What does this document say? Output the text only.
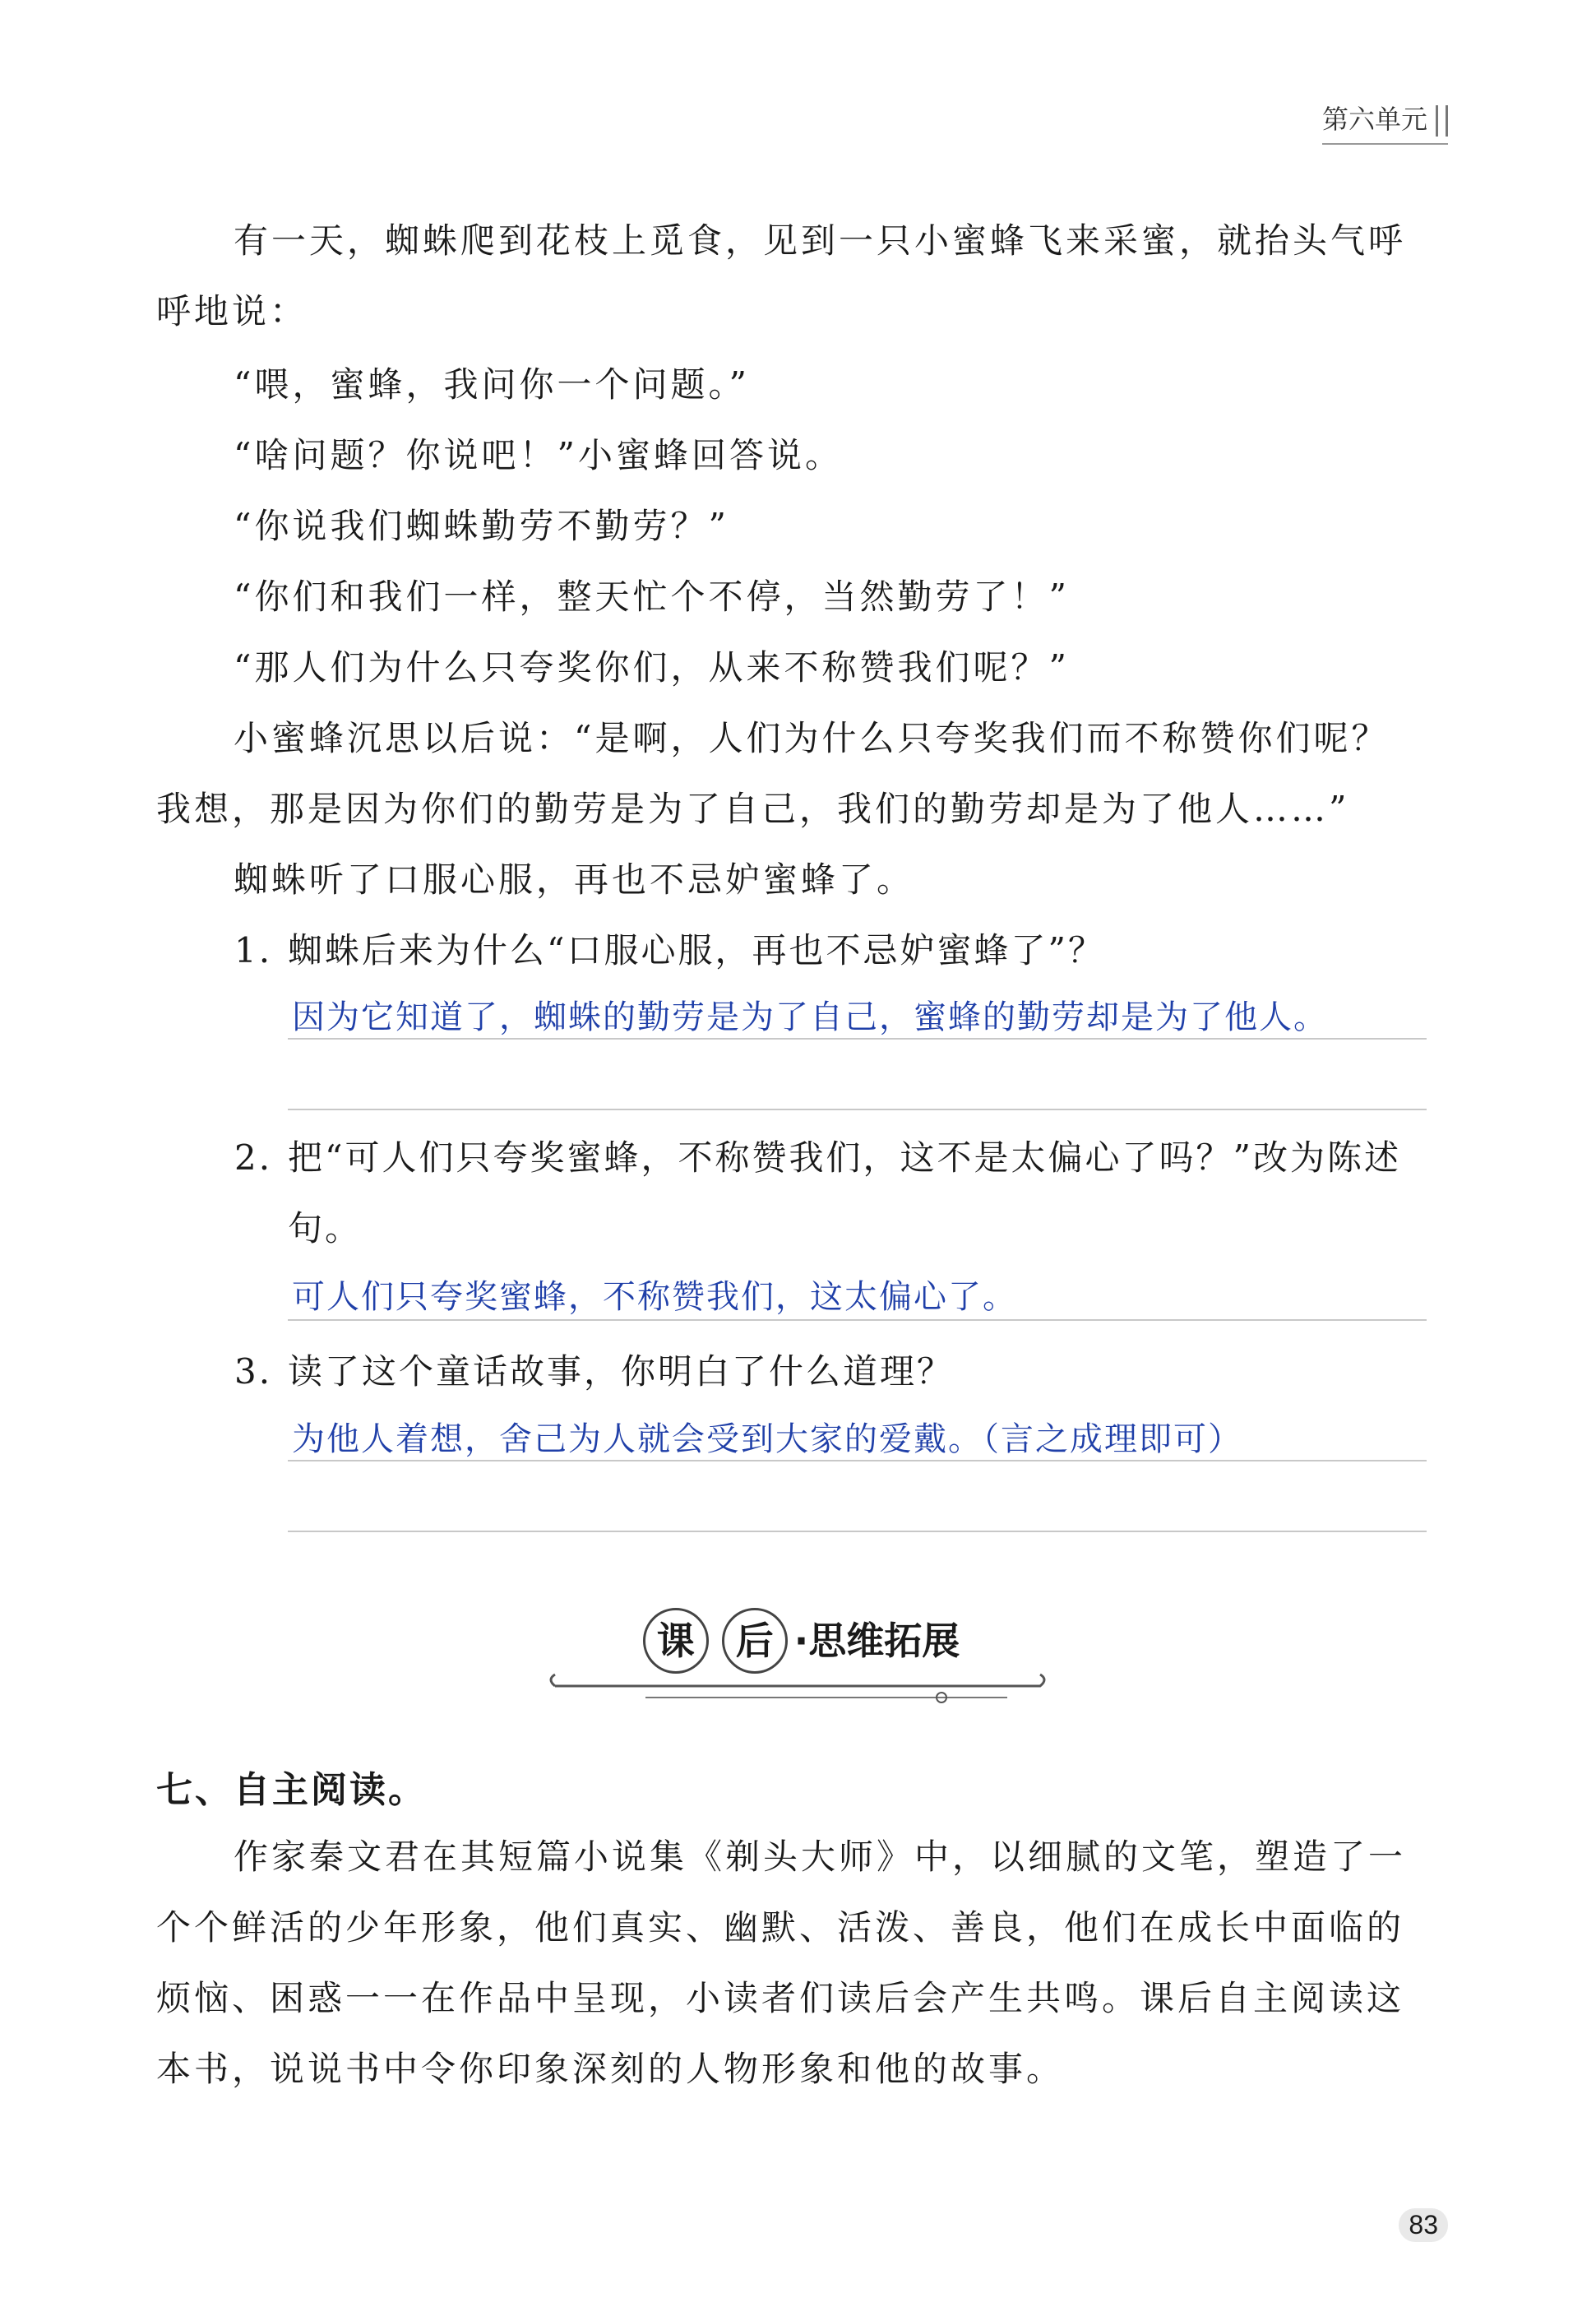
第六单元
有一天，蜘蛛爬到花枝上觅食，见到一只小蜜蜂飞来采蜜，就抬头气呼呼地说：
“喂，蜜蜂，我问你一个问题。”
“啥问题？你说吧！”小蜜蜂回答说。
“你说我们蜘蛛勤劳不勤劳？”
“你们和我们一样，整天忙个不停，当然勤劳了！”
“那人们为什么只夸奖你们，从来不称赞我们呢？”
小蜜蜂沉思以后说：“是啊，人们为什么只夸奖我们而不称赞你们呢？我想，那是因为你们的勤劳是为了自己，我们的勤劳却是为了他人……”
蜘蛛听了口服心服，再也不忌妒蜜蜂了。
1. 蜘蛛后来为什么“口服心服，再也不忌妒蜜蜂了”？
因为它知道了，蜘蛛的勤劳是为了自己，蜜蜂的勤劳却是为了他人。
2. 把“可人们只夸奖蜜蜂，不称赞我们，这不是太偏心了吗？”改为陈述句。
可人们只夸奖蜜蜂，不称赞我们，这太偏心了。
3. 读了这个童话故事，你明白了什么道理？
为他人着想，舍己为人就会受到大家的爱戴。（言之成理即可）
课 后 ·思维拓展
七、自主阅读。
作家秦文君在其短篇小说集《剃头大师》中，以细腻的文笔，塑造了一个个鲜活的少年形象，他们真实、幽默、活泼、善良，他们在成长中面临的烦恼、困惑一一在作品中呈现，小读者们读后会产生共鸣。课后自主阅读这本书，说说书中令你印象深刻的人物形象和他的故事。
83
